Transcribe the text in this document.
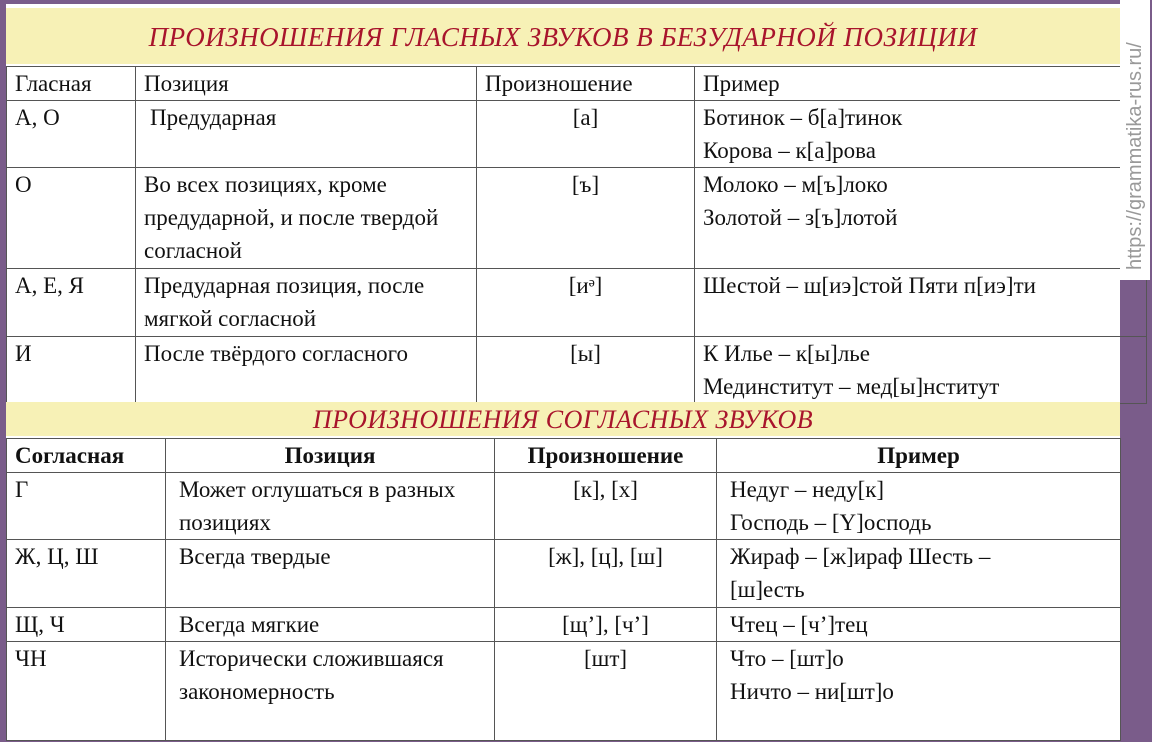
ПРОИЗНОШЕНИЯ ГЛАСНЫХ ЗВУКОВ В БЕЗУДАРНОЙ ПОЗИЦИИ
Гласная	Позиция	Произношение	Пример
А, О	Предударная	[а]	Ботинок – б[а]тинок
Корова – к[а]рова

О	Во всех позициях, кроме предударной, и после твердой согласной	[ъ]	Молоко – м[ъ]локо
Золотой – з[ъ]лотой

А, Е, Я	Предударная позиция, после мягкой согласной	[иᵊ]	Шестой – ш[иэ]стой Пяти п[иэ]ти

И	После твёрдого согласного	[ы]	К Илье – к[ы]лье
Мединститут – мед[ы]нститут
ПРОИЗНОШЕНИЯ СОГЛАСНЫХ ЗВУКОВ
Согласная	Позиция	Произношение	Пример
Г	Может оглушаться в разных позициях	[к], [х]	Недуг – неду[к]
Господь – [Ү]осподь

Ж, Ц, Ш	Всегда твердые	[ж], [ц], [ш]	Жираф – [ж]ираф Шесть –
[ш]есть

Щ, Ч	Всегда мягкие	[щ’], [ч’]	Чтец – [ч’]тец

ЧН	Исторически сложившаяся закономерность	[шт]	Что – [шт]о
Ничто – ни[шт]о
https://grammatika-rus.ru/
